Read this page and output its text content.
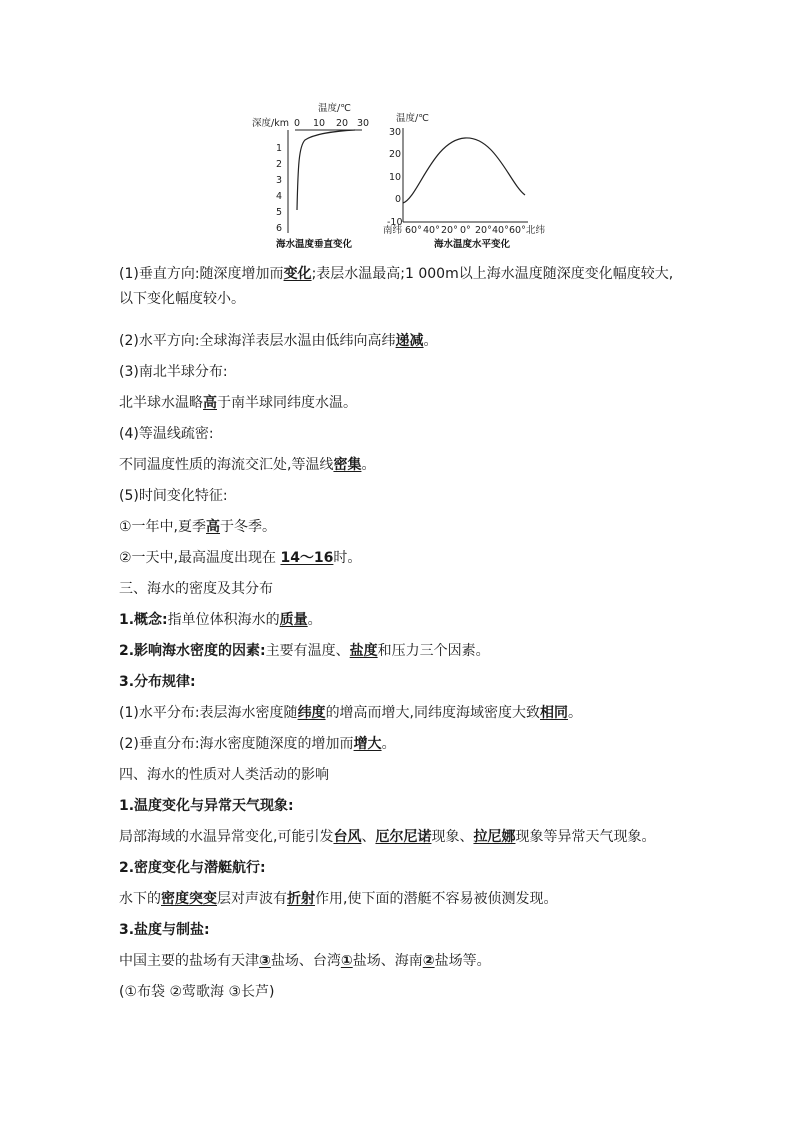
温度/℃
深度/km 0 10 20 30
1
2
3
4
5
6
海水温度垂直变化
温度/℃
30
20
10
0
-10
南纬 60° 40° 20° 0° 20° 40° 60° 北纬
海水温度水平变化
(1)垂直方向:随深度增加而变化;表层水温最高;1 000m以上海水温度随深度变化幅度较大,
以下变化幅度较小。
(2)水平方向:全球海洋表层水温由低纬向高纬递减。
(3)南北半球分布:
北半球水温略高于南半球同纬度水温。
(4)等温线疏密:
不同温度性质的海流交汇处,等温线密集。
(5)时间变化特征:
①一年中,夏季高于冬季。
②一天中,最高温度出现在 14～16时。
三、海水的密度及其分布
1.概念:指单位体积海水的质量。
2.影响海水密度的因素:主要有温度、盐度和压力三个因素。
3.分布规律:
(1)水平分布:表层海水密度随纬度的增高而增大,同纬度海域密度大致相同。
(2)垂直分布:海水密度随深度的增加而增大。
四、海水的性质对人类活动的影响
1.温度变化与异常天气现象:
局部海域的水温异常变化,可能引发台风、厄尔尼诺现象、拉尼娜现象等异常天气现象。
2.密度变化与潜艇航行:
水下的密度突变层对声波有折射作用,使下面的潜艇不容易被侦测发现。
3.盐度与制盐:
中国主要的盐场有天津③盐场、台湾①盐场、海南②盐场等。
(①布袋 ②莺歌海 ③长芦)
